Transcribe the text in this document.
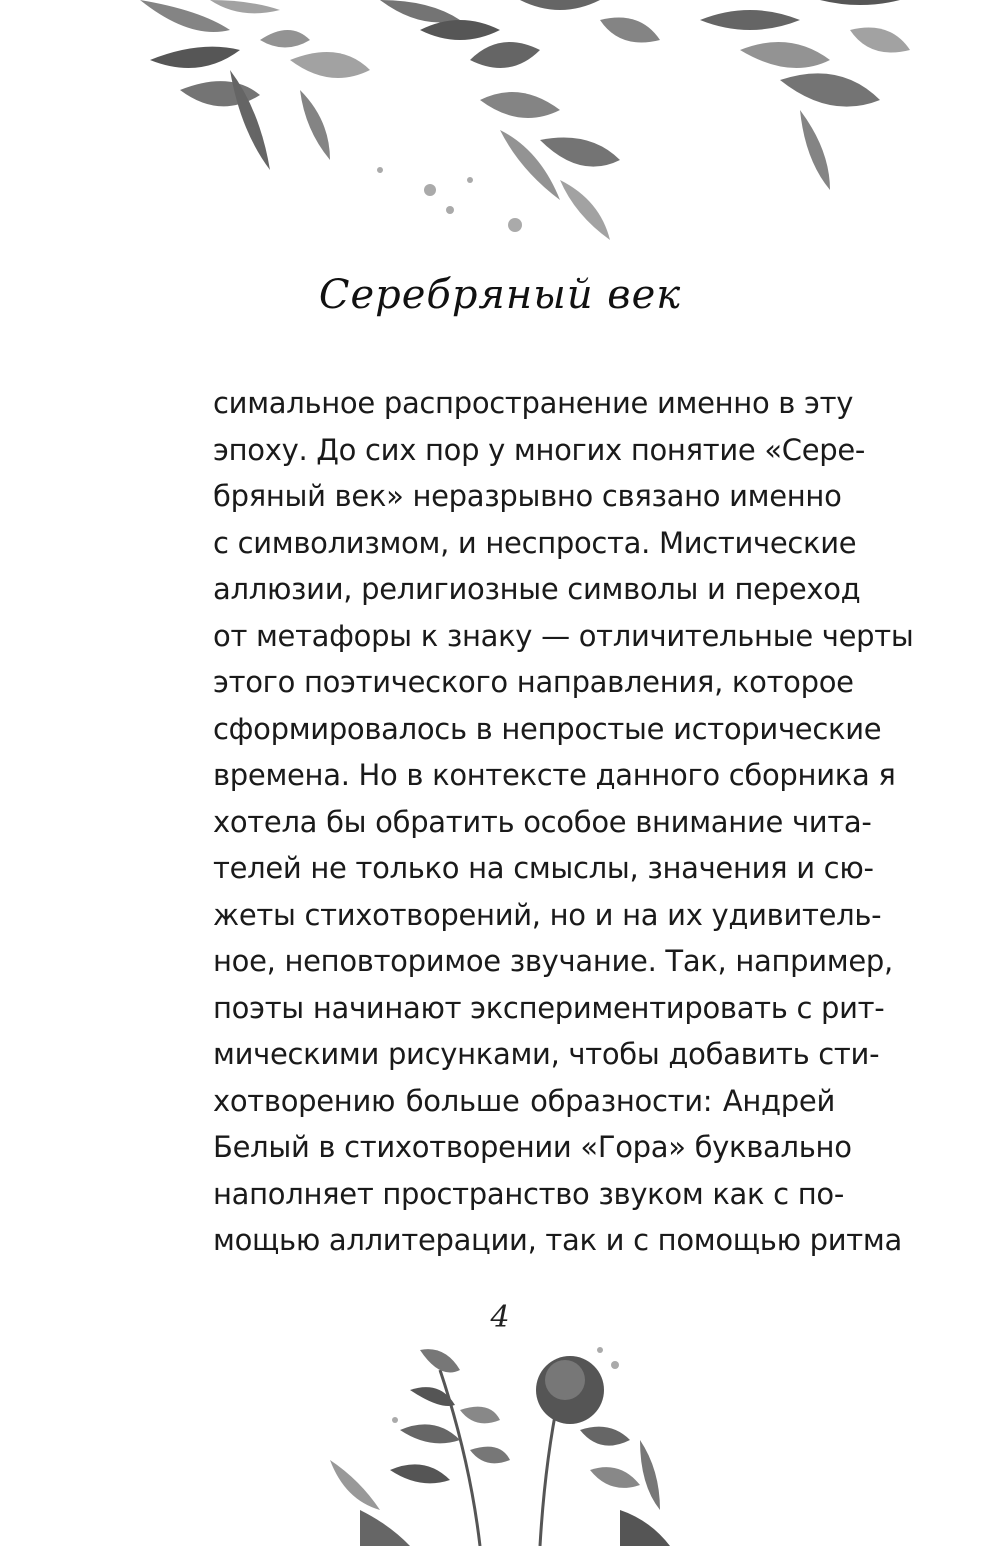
Серебряный век
симальное распространение именно в эту
эпоху. До сих пор у многих понятие «Сере-
бряный век» неразрывно связано именно
с символизмом, и неспроста. Мистические
аллюзии, религиозные символы и переход
от метафоры к знаку — отличительные черты
этого поэтического направления, которое
сформировалось в непростые исторические
времена. Но в контексте данного сборника я
хотела бы обратить особое внимание чита-
телей не только на смыслы, значения и сю-
жеты стихотворений, но и на их удивитель-
ное, неповторимое звучание. Так, например,
поэты начинают экспериментировать с рит-
мическими рисунками, чтобы добавить сти-
хотворению больше образности: Андрей
Белый в стихотворении «Гора» буквально
наполняет пространство звуком как с по-
мощью аллитерации, так и с помощью ритма
4
